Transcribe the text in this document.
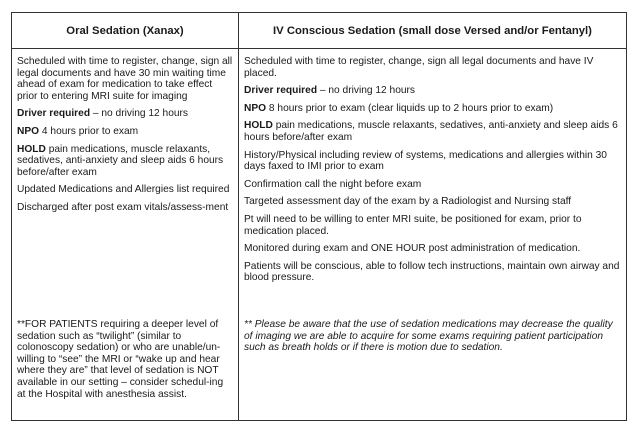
Oral Sedation (Xanax)
Scheduled with time to register, change, sign all legal documents and have 30 min waiting time ahead of exam for medication to take effect prior to entering MRI suite for imaging
Driver required – no driving 12 hours
NPO 4 hours prior to exam
HOLD pain medications, muscle relaxants, sedatives, anti-anxiety and sleep aids 6 hours before/after exam
Updated Medications and Allergies list required
Discharged after post exam vitals/assess-ment
**FOR PATIENTS requiring a deeper level of sedation such as “twilight” (similar to colonoscopy sedation) or who are unable/un-willing to “see” the MRI or “wake up and hear where they are” that level of sedation is NOT available in our setting – consider schedul-ing at the Hospital with anesthesia assist.
IV Conscious Sedation (small dose Versed and/or Fentanyl)
Scheduled with time to register, change, sign all legal documents and have IV placed.
Driver required – no driving 12 hours
NPO 8 hours prior to exam (clear liquids up to 2 hours prior to exam)
HOLD pain medications, muscle relaxants, sedatives, anti-anxiety and sleep aids 6 hours before/after exam
History/Physical including review of systems, medications and allergies within 30 days faxed to IMI prior to exam
Confirmation call the night before exam
Targeted assessment day of the exam by a Radiologist and Nursing staff
Pt will need to be willing to enter MRI suite, be positioned for exam, prior to medication placed.
Monitored during exam and ONE HOUR post administration of medication.
Patients will be conscious, able to follow tech instructions, maintain own airway and blood pressure.
** Please be aware that the use of sedation medications may decrease the quality of imaging we are able to acquire for some exams requiring patient participation such as breath holds or if there is motion due to sedation.
